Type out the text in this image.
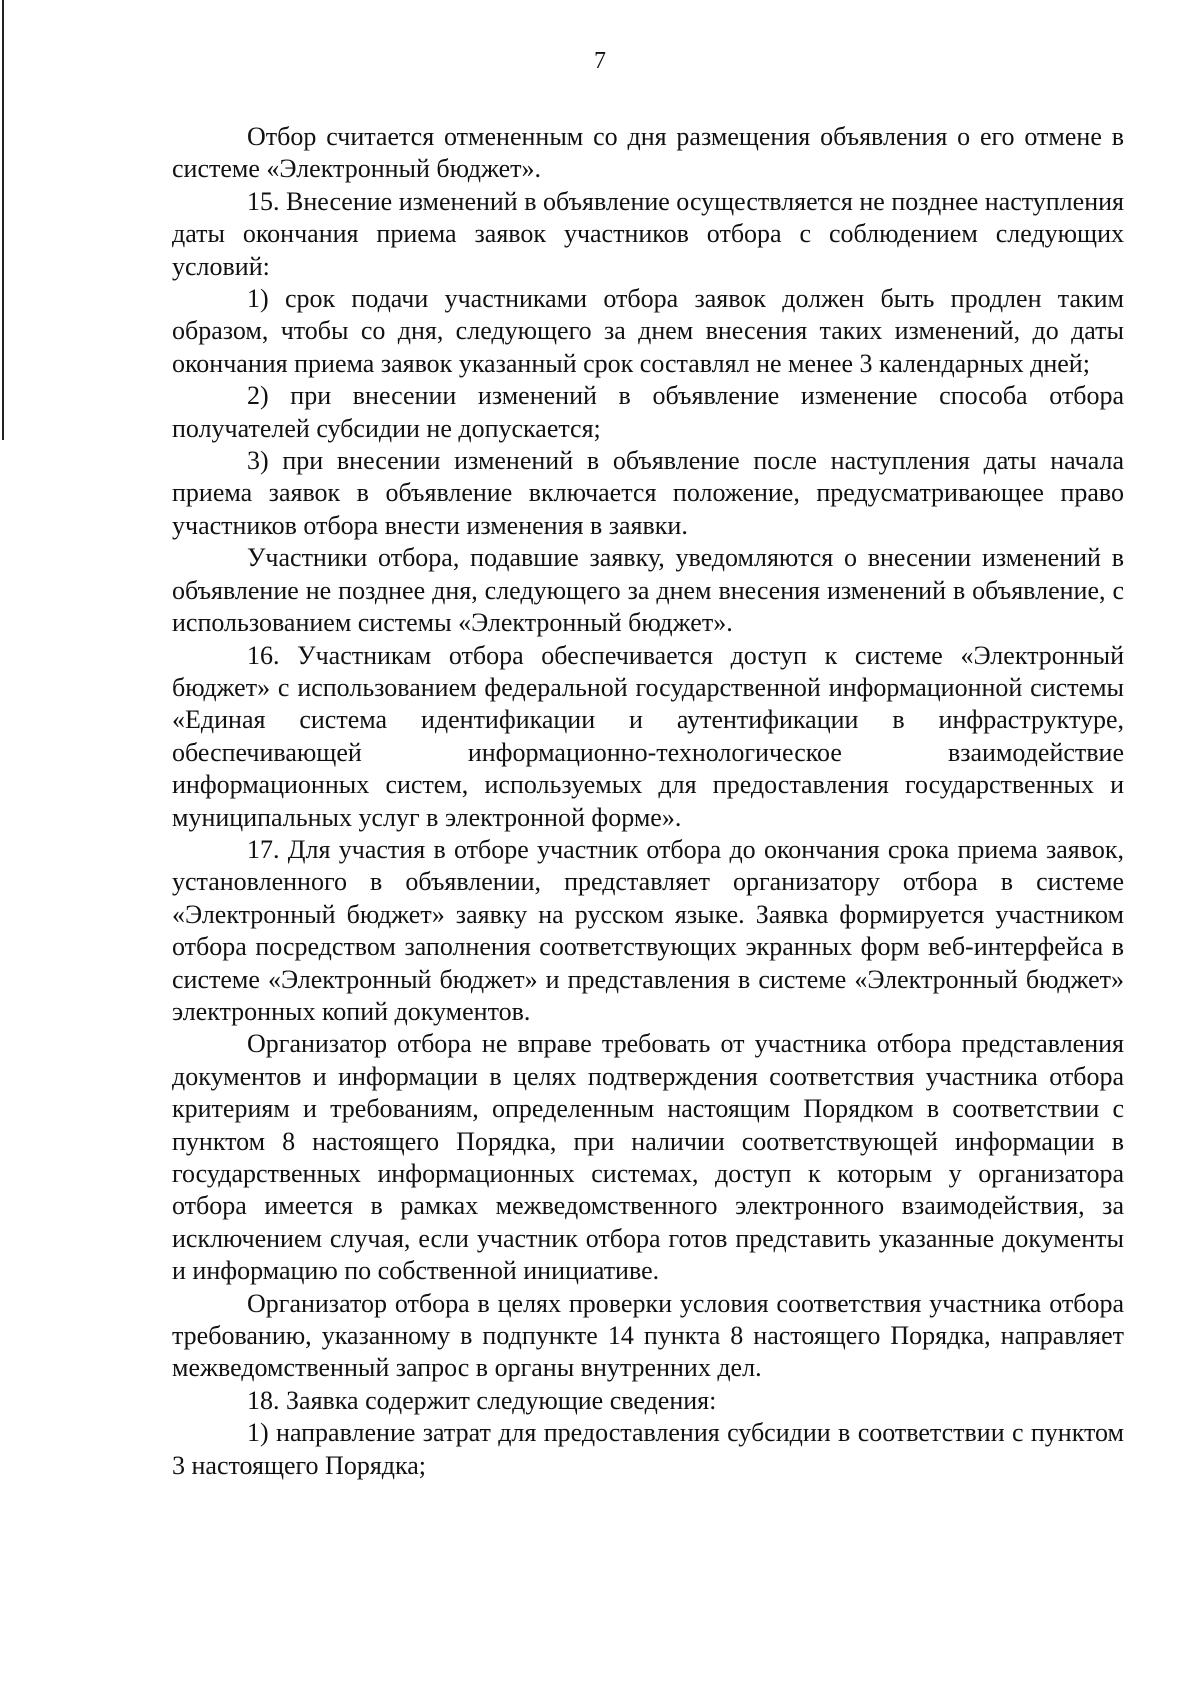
7

Отбор считается отмененным со дня размещения объявления о его отмене в системе «Электронный бюджет».

15. Внесение изменений в объявление осуществляется не позднее наступления даты окончания приема заявок участников отбора с соблюдением следующих условий:

1) срок подачи участниками отбора заявок должен быть продлен таким образом, чтобы со дня, следующего за днем внесения таких изменений, до даты окончания приема заявок указанный срок составлял не менее 3 календарных дней;

2) при внесении изменений в объявление изменение способа отбора получателей субсидии не допускается;

3) при внесении изменений в объявление после наступления даты начала приема заявок в объявление включается положение, предусматривающее право участников отбора внести изменения в заявки.

Участники отбора, подавшие заявку, уведомляются о внесении изменений в объявление не позднее дня, следующего за днем внесения изменений в объявление, с использованием системы «Электронный бюджет».

16. Участникам отбора обеспечивается доступ к системе «Электронный бюджет» с использованием федеральной государственной информационной системы «Единая система идентификации и аутентификации в инфраструктуре, обеспечивающей информационно-технологическое взаимодействие информационных систем, используемых для предоставления государственных и муниципальных услуг в электронной форме».

17. Для участия в отборе участник отбора до окончания срока приема заявок, установленного в объявлении, представляет организатору отбора в системе «Электронный бюджет» заявку на русском языке. Заявка формируется участником отбора посредством заполнения соответствующих экранных форм веб-интерфейса в системе «Электронный бюджет» и представления в системе «Электронный бюджет» электронных копий документов.

Организатор отбора не вправе требовать от участника отбора представления документов и информации в целях подтверждения соответствия участника отбора критериям и требованиям, определенным настоящим Порядком в соответствии с пунктом 8 настоящего Порядка, при наличии соответствующей информации в государственных информационных системах, доступ к которым у организатора отбора имеется в рамках межведомственного электронного взаимодействия, за исключением случая, если участник отбора готов представить указанные документы и информацию по собственной инициативе.

Организатор отбора в целях проверки условия соответствия участника отбора требованию, указанному в подпункте 14 пункта 8 настоящего Порядка, направляет межведомственный запрос в органы внутренних дел.

18. Заявка содержит следующие сведения:

1) направление затрат для предоставления субсидии в соответствии с пунктом 3 настоящего Порядка;
